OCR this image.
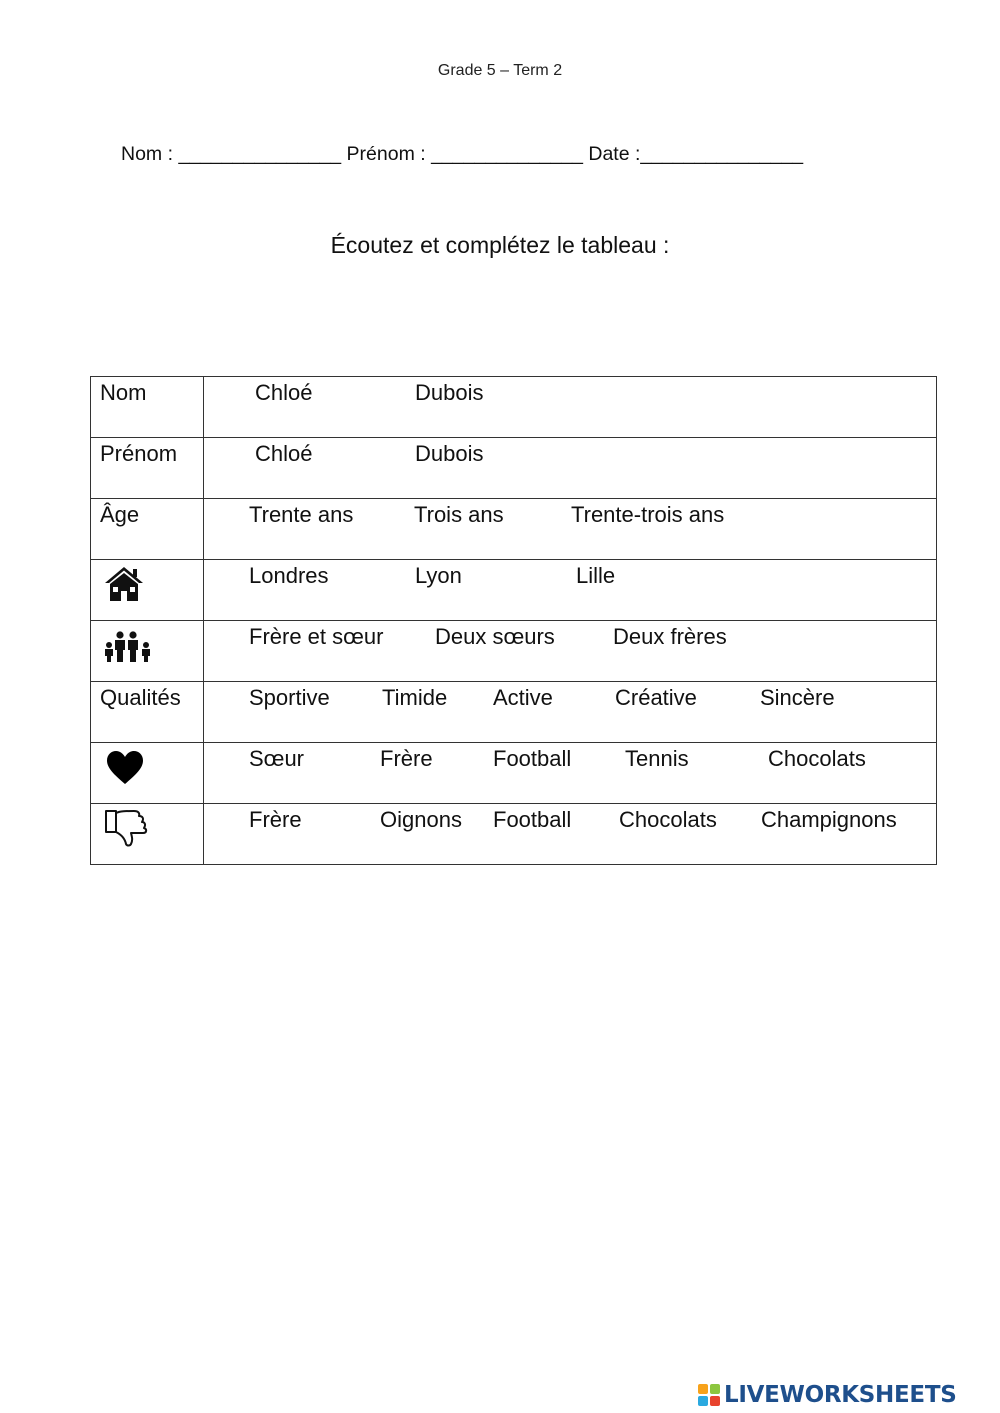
Grade 5 – Term 2
Nom : _______________ Prénom : ______________ Date :_______________
Écoutez et complétez le tableau :
Nom	Chloé Dubois

Prénom	Chloé Dubois

Âge	Trente ans Trois ans Trente-trois ans

Londres Lyon Lille

Frère et sœur Deux sœurs Deux frères

Qualités	Sportive Timide Active Créative Sincère

Sœur Frère Football Tennis Chocolats

Frère Oignons Football Chocolats Champignons
LIVEWORKSHEETS
